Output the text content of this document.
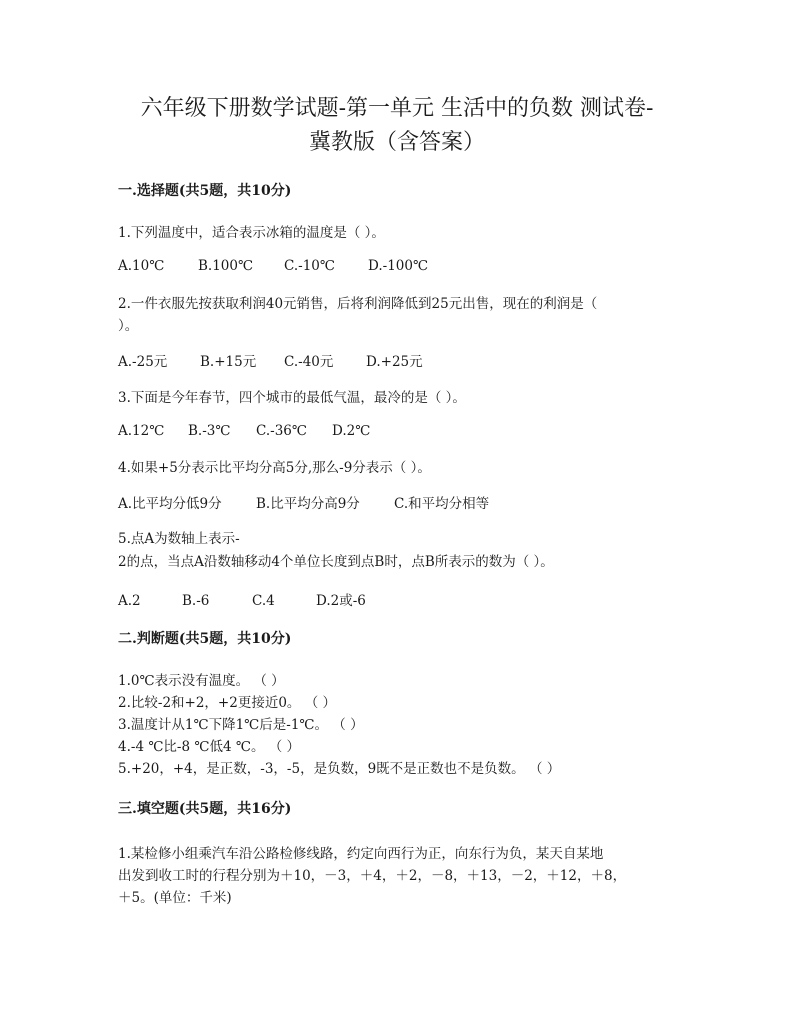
六年级下册数学试题-第一单元 生活中的负数 测试卷-
冀教版（含答案）
一.选择题(共5题，共10分)
1.下列温度中，适合表示冰箱的温度是（ ）。
A.10℃ B.100℃ C.-10℃ D.-100℃
2.一件衣服先按获取利润40元销售，后将利润降低到25元出售，现在的利润是（
）。
A.-25元 B.+15元 C.-40元 D.+25元
3.下面是今年春节，四个城市的最低气温，最冷的是（ ）。
A.12℃ B.-3℃ C.-36℃ D.2℃
4.如果+5分表示比平均分高5分,那么-9分表示（ ）。
A.比平均分低9分	B.比平均分高9分	C.和平均分相等
5.点A为数轴上表示-
2的点，当点A沿数轴移动4个单位长度到点B时，点B所表示的数为（ ）。
A.2	B.-6	C.4	D.2或-6
二.判断题(共5题，共10分)
1.0℃表示没有温度。 （ ）
2.比较-2和+2，+2更接近0。 （ ）
3.温度计从1℃下降1℃后是-1℃。 （ ）
4.-4 ℃比-8 ℃低4 ℃。 （ ）
5.+20，+4，是正数，-3，-5，是负数，9既不是正数也不是负数。 （ ）
三.填空题(共5题，共16分)
1.某检修小组乘汽车沿公路检修线路，约定向西行为正，向东行为负，某天自某地
出发到收工时的行程分别为＋10，－3，＋4，＋2，－8，＋13，－2，＋12，＋8，
＋5。(单位：千米)
